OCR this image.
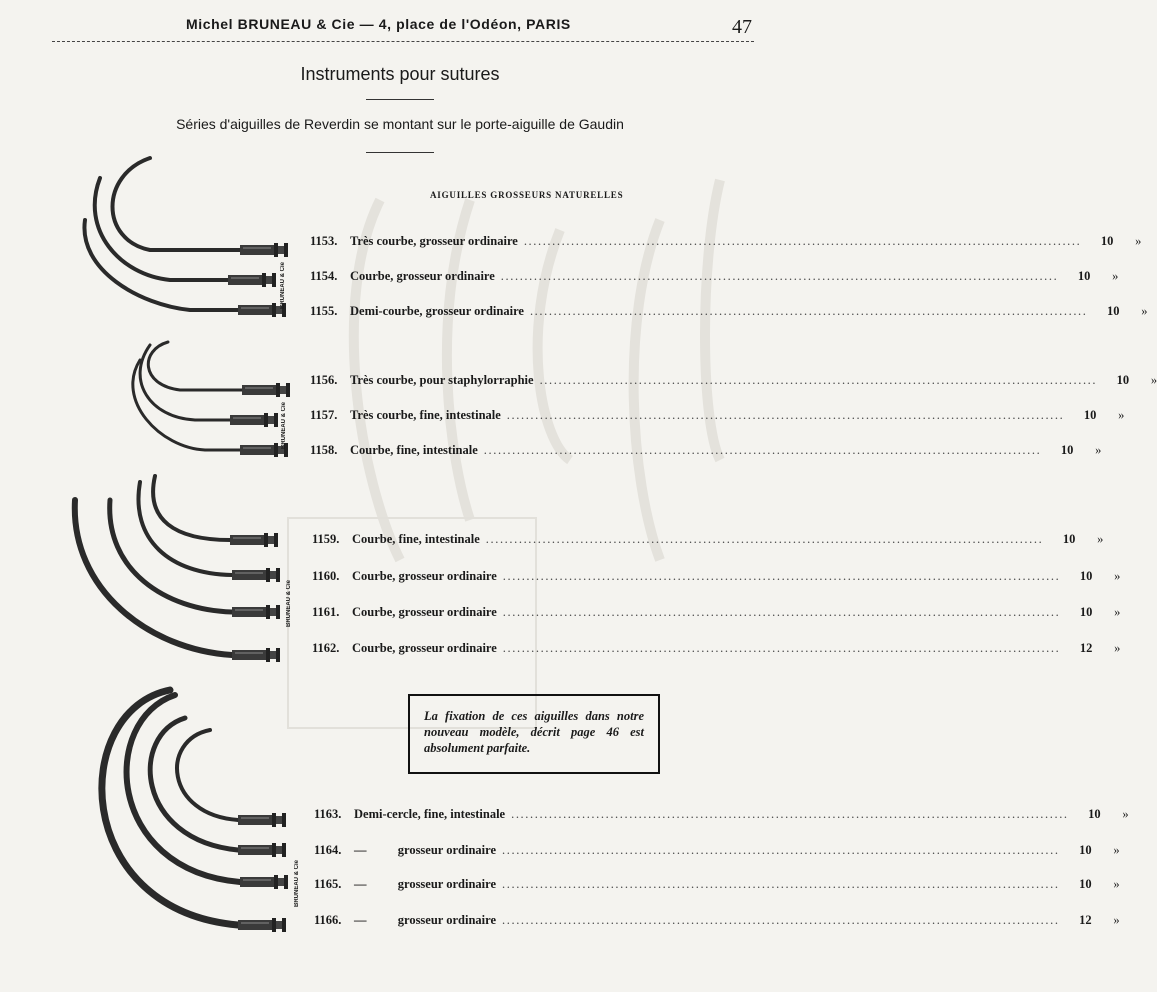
Michel BRUNEAU & Cie — 4, place de l'Odéon, PARIS	47
Instruments pour sutures
Séries d'aiguilles de Reverdin se montant sur le porte-aiguille de Gaudin
AIGUILLES GROSSEURS NATURELLES
BRUNEAU & Cie
BRUNEAU & Cie
BRUNEAU & Cie
BRUNEAU & Cie
1153.	Très courbe, grosseur ordinaire ......................................................................................................................	10	»
1154.	Courbe, grosseur ordinaire ......................................................................................................................	10	»
1155.	Demi-courbe, grosseur ordinaire ......................................................................................................................	10	»
1156.	Très courbe, pour staphylorraphie ......................................................................................................................	10	»
1157.	Très courbe, fine, intestinale ......................................................................................................................	10	»
1158.	Courbe, fine, intestinale ......................................................................................................................	10	»
1159.	Courbe, fine, intestinale ......................................................................................................................	10	»
1160.	Courbe, grosseur ordinaire ......................................................................................................................	10	»
1161.	Courbe, grosseur ordinaire ......................................................................................................................	10	»
1162.	Courbe, grosseur ordinaire ......................................................................................................................	12	»
La fixation de ces aiguilles dans notre nouveau modèle, décrit page 46 est absolument parfaite.
1163.	Demi-cercle, fine, intestinale ......................................................................................................................	10	»
1164.	—          grosseur ordinaire ......................................................................................................................	10	»
1165.	—          grosseur ordinaire ......................................................................................................................	10	»
1166.	—          grosseur ordinaire ......................................................................................................................	12	»
